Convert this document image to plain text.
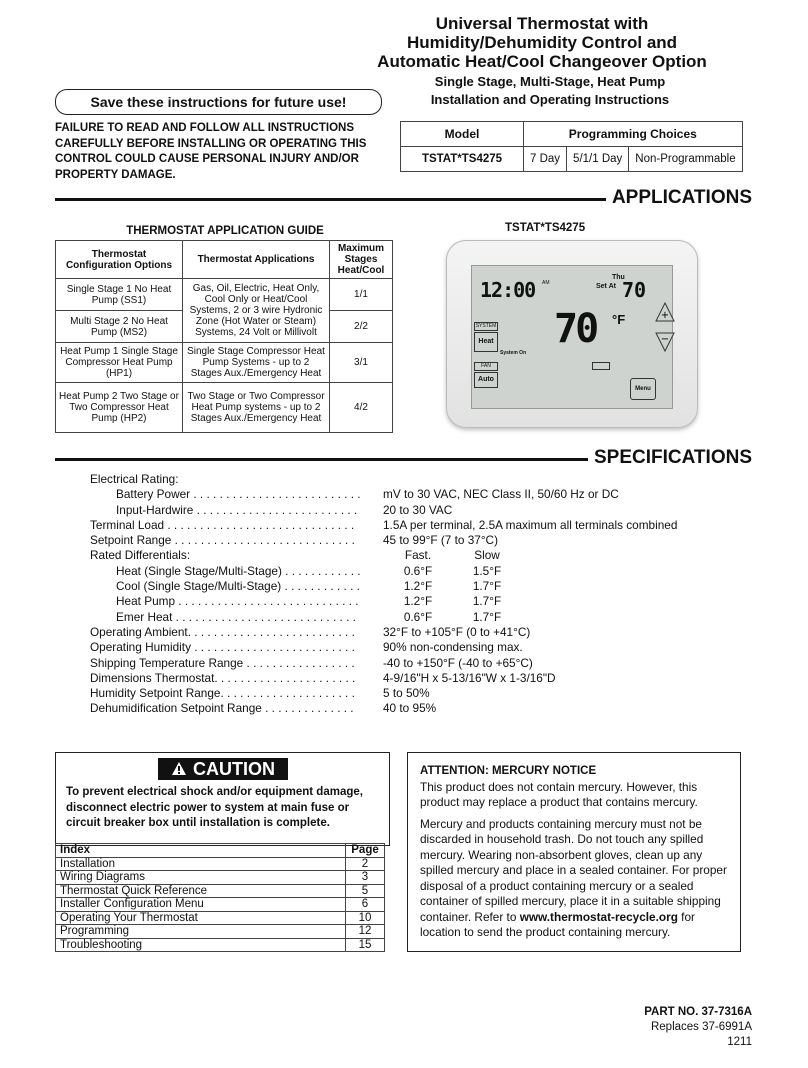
Universal Thermostat with
Humidity/Dehumidity Control and
Automatic Heat/Cool Changeover Option
Single Stage, Multi-Stage, Heat Pump
Installation and Operating Instructions
Save these instructions for future use!
FAILURE TO READ AND FOLLOW ALL INSTRUCTIONS CAREFULLY BEFORE INSTALLING OR OPERATING THIS CONTROL COULD CAUSE PERSONAL INJURY AND/OR PROPERTY DAMAGE.
Model	Programming Choices		
TSTAT*TS4275	7 Day	5/1/1 Day	Non-Programmable
APPLICATIONS
THERMOSTAT APPLICATION GUIDE
Thermostat Configuration Options	Thermostat Applications	Maximum Stages Heat/Cool
Single Stage 1 No Heat Pump (SS1)	Gas, Oil, Electric, Heat Only, Cool Only or Heat/Cool Systems, 2 or 3 wire Hydronic Zone (Hot Water or Steam) Systems, 24 Volt or Millivolt	1/1
Multi Stage 2 No Heat Pump (MS2)		2/2
Heat Pump 1 Single Stage Compressor Heat Pump (HP1)	Single Stage Compressor Heat Pump Systems - up to 2 Stages Aux./Emergency Heat	3/1
Heat Pump 2 Two Stage or Two Compressor Heat Pump (HP2)	Two Stage or Two Compressor Heat Pump systems - up to 2 Stages Aux./Emergency Heat	4/2
TSTAT*TS4275
12:00 AM
Thu
Set At 70
+
−
70 °F
SYSTEM
Heat
System On
FAN
Auto
Menu
SPECIFICATIONS
Electrical Rating:
Battery Power . . . . . . . . . . . . . . . . . . . . . . . . . .	mV to 30 VAC, NEC Class II, 50/60 Hz or DC
Input-Hardwire . . . . . . . . . . . . . . . . . . . . . . . . .	20 to 30 VAC
Terminal Load . . . . . . . . . . . . . . . . . . . . . . . . . . . . .	1.5A per terminal, 2.5A maximum all terminals combined
Setpoint Range . . . . . . . . . . . . . . . . . . . . . . . . . . . .	45 to 99°F (7 to 37°C)
Rated Differentials:	Fast.	Slow
Heat (Single Stage/Multi-Stage) . . . . . . . . . . . .	0.6°F	1.5°F
Cool (Single Stage/Multi-Stage) . . . . . . . . . . . .	1.2°F	1.7°F
Heat Pump . . . . . . . . . . . . . . . . . . . . . . . . . . . .	1.2°F	1.7°F
Emer Heat . . . . . . . . . . . . . . . . . . . . . . . . . . . .	0.6°F	1.7°F
Operating Ambient. . . . . . . . . . . . . . . . . . . . . . . . . .	32°F to +105°F (0 to +41°C)
Operating Humidity . . . . . . . . . . . . . . . . . . . . . . . . .	90% non-condensing max.
Shipping Temperature Range . . . . . . . . . . . . . . . . .	-40 to +150°F (-40 to +65°C)
Dimensions Thermostat. . . . . . . . . . . . . . . . . . . . . .	4-9/16"H x 5-13/16"W x 1-3/16"D
Humidity Setpoint Range. . . . . . . . . . . . . . . . . . . . .	5 to 50%
Dehumidification Setpoint Range . . . . . . . . . . . . . .	40 to 95%
CAUTION
To prevent electrical shock and/or equipment damage, disconnect electric power to system at main fuse or circuit breaker box until installation is complete.
Index	Page
Installation	2
Wiring Diagrams	3
Thermostat Quick Reference	5
Installer Configuration Menu	6
Operating Your Thermostat	10
Programming	12
Troubleshooting	15
ATTENTION: MERCURY NOTICE

This product does not contain mercury. However, this product may replace a product that contains mercury.

Mercury and products containing mercury must not be discarded in household trash. Do not touch any spilled mercury. Wearing non-absorbent gloves, clean up any spilled mercury and place in a sealed container. For proper disposal of a product containing mercury or a sealed container of spilled mercury, place it in a suitable shipping container. Refer to www.thermostat-recycle.org for location to send the product containing mercury.

PART NO. 37-7316A
Replaces 37-6991A
1211
